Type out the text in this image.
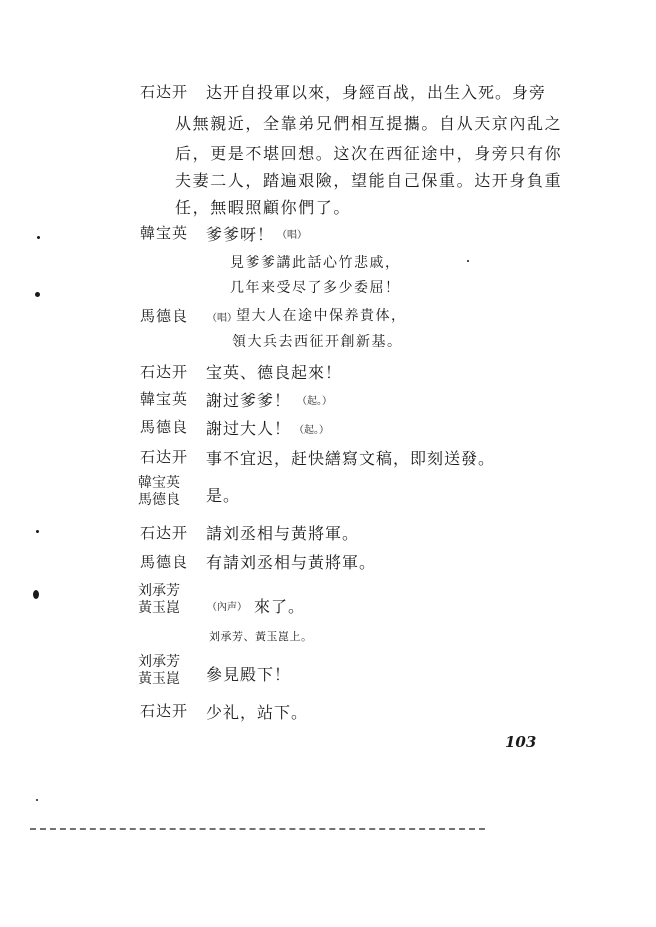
石达开 达开自投軍以來，身經百战，出生入死。身旁
从無親近，全靠弟兄們相互提攜。自从天京內乱之
后，更是不堪回想。这次在西征途中，身旁只有你
夫妻二人，踏遍艰險，望能自己保重。达开身負重
任，無暇照顧你們了。
韓宝英 爹爹呀！ （唱）
見爹爹講此話心竹悲戚，
几年来受尽了多少委屈！
馬德良 （唱） 望大人在途中保养貴体，
領大兵去西征开創新基。
石达开 宝英、德良起來！
韓宝英 謝过爹爹！ （起。）
馬德良 謝过大人！ （起。）
石达开 事不宜迟，赶快繕寫文稿，即刻送發。
韓宝英
馬德良 是。
石达开 請刘丞相与黃將軍。
馬德良 有請刘丞相与黃將軍。
刘承芳
黃玉崑	（內声） 來了。
刘承芳、黃玉崑上。
刘承芳
黃玉崑 參見殿下！
石达开 少礼，站下。
103
